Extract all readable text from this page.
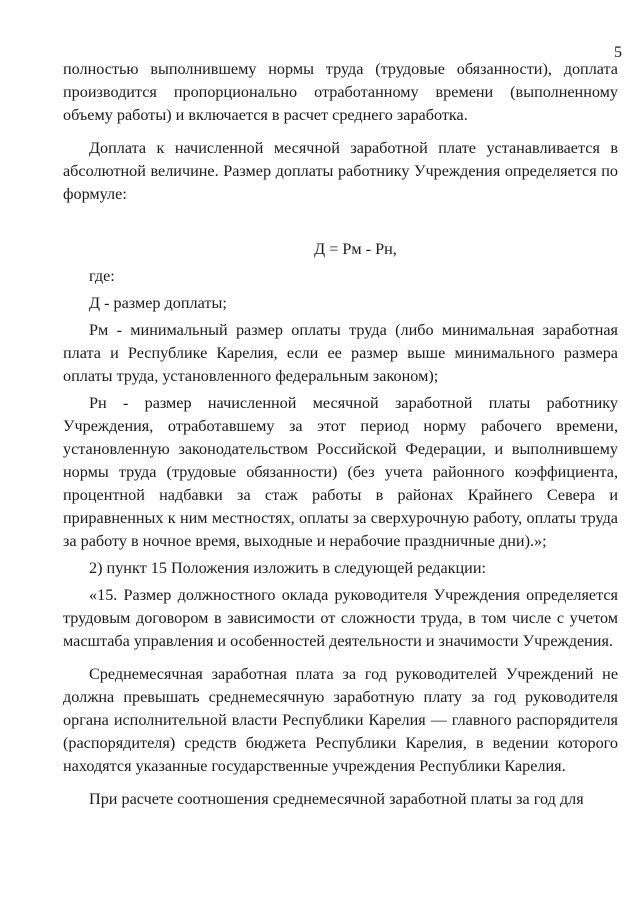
5

полностью выполнившему нормы труда (трудовые обязанности), доплата производится пропорционально отработанному времени (выполненному объему работы) и включается в расчет среднего заработка.

Доплата к начисленной месячной заработной плате устанавливается в абсолютной величине. Размер доплаты работнику Учреждения определяется по формуле:

Д = Рм - Рн,

где:

Д - размер доплаты;

Рм - минимальный размер оплаты труда (либо минимальная заработная плата и Республике Карелия, если ее размер выше минимального размера оплаты труда, установленного федеральным законом);

Рн - размер начисленной месячной заработной платы работнику Учреждения, отработавшему за этот период норму рабочего времени, установленную законодательством Российской Федерации, и выполнившему нормы труда (трудовые обязанности) (без учета районного коэффициента, процентной надбавки за стаж работы в районах Крайнего Севера и приравненных к ним местностях, оплаты за сверхурочную работу, оплаты труда за работу в ночное время, выходные и нерабочие праздничные дни).»;

2) пункт 15 Положения изложить в следующей редакции:

«15. Размер должностного оклада руководителя Учреждения определяется трудовым договором в зависимости от сложности труда, в том числе с учетом масштаба управления и особенностей деятельности и значимости Учреждения.

Среднемесячная заработная плата за год руководителей Учреждений не должна превышать среднемесячную заработную плату за год руководителя органа исполнительной власти Республики Карелия — главного распорядителя (распорядителя) средств бюджета Республики Карелия, в ведении которого находятся указанные государственные учреждения Республики Карелия.

При расчете соотношения среднемесячной заработной платы за год для
